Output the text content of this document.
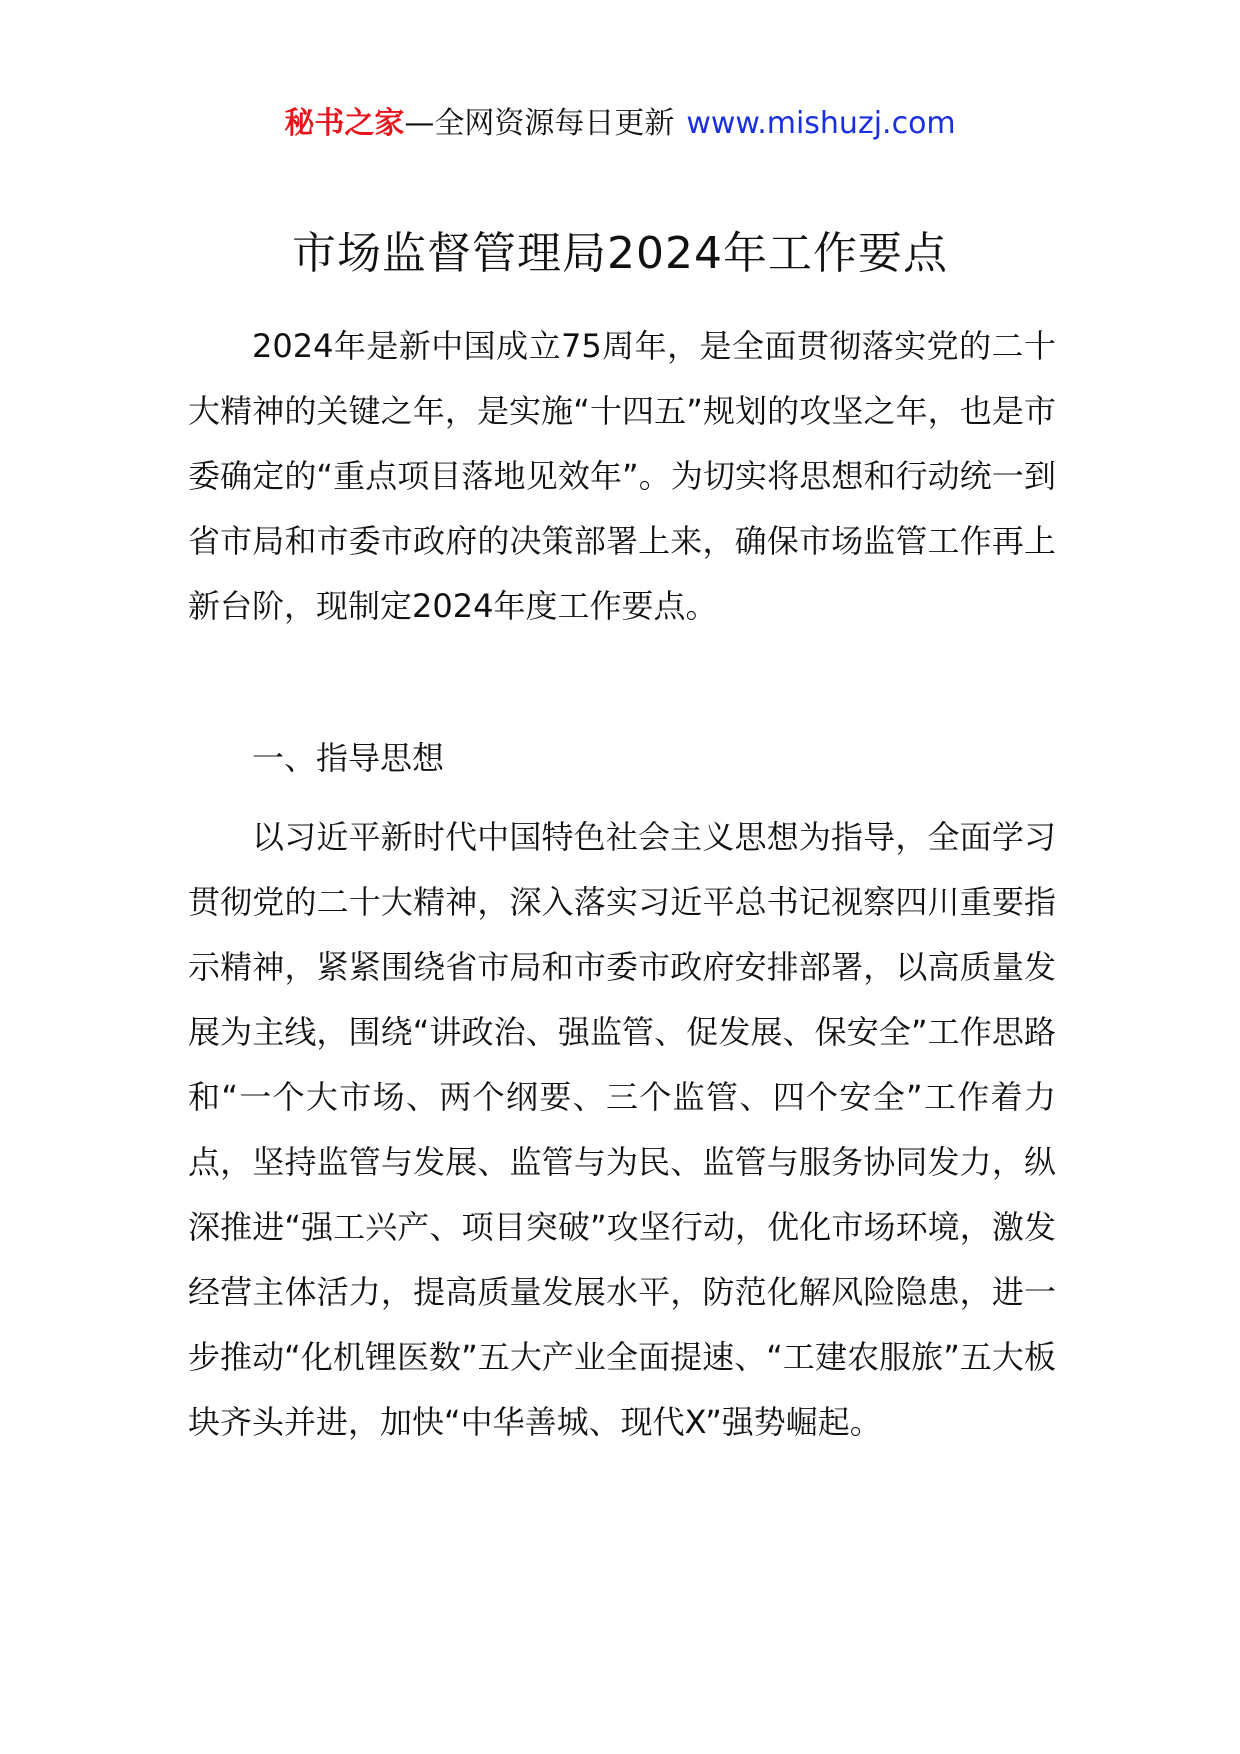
秘书之家—全网资源每日更新 www.mishuzj.com
市场监督管理局2024年工作要点

2024年是新中国成立75周年，是全面贯彻落实党的二十大精神的关键之年，是实施“十四五”规划的攻坚之年，也是市委确定的“重点项目落地见效年”。为切实将思想和行动统一到省市局和市委市政府的决策部署上来，确保市场监管工作再上新台阶，现制定2024年度工作要点。

一、指导思想

以习近平新时代中国特色社会主义思想为指导，全面学习贯彻党的二十大精神，深入落实习近平总书记视察四川重要指示精神，紧紧围绕省市局和市委市政府安排部署，以高质量发展为主线，围绕“讲政治、强监管、促发展、保安全”工作思路和“一个大市场、两个纲要、三个监管、四个安全”工作着力点，坚持监管与发展、监管与为民、监管与服务协同发力，纵深推进“强工兴产、项目突破”攻坚行动，优化市场环境，激发经营主体活力，提高质量发展水平，防范化解风险隐患，进一步推动“化机锂医数”五大产业全面提速、“工建农服旅”五大板块齐头并进，加快“中华善城、现代X”强势崛起。
